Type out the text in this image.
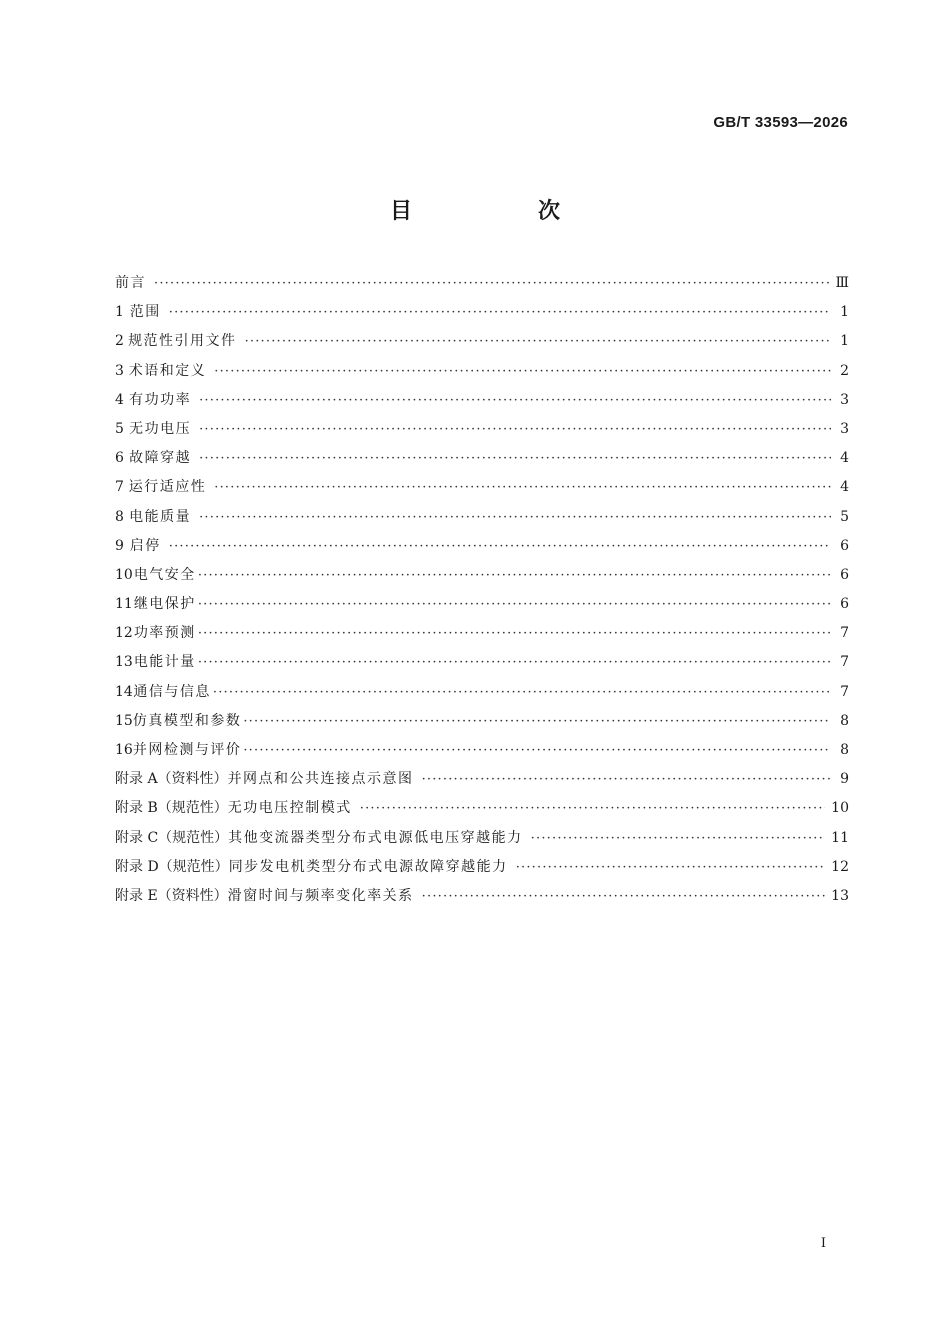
GB/T 33593—2026
目　次
前言 ·····	Ⅲ
1 范围 ·····	1
2 规范性引用文件 ·····	1
3 术语和定义 ·····	2
4 有功功率 ·····	3
5 无功电压 ·····	3
6 故障穿越 ·····	4
7 运行适应性 ·····	4
8 电能质量 ·····	5
9 启停 ·····	6
10 电气安全 ·····	6
11 继电保护 ·····	6
12 功率预测 ·····	7
13 电能计量 ·····	7
14 通信与信息 ·····	7
15 仿真模型和参数 ·····	8
16 并网检测与评价 ·····	8
附录 A（资料性） 并网点和公共连接点示意图 ·····	9
附录 B（规范性） 无功电压控制模式 ·····	10
附录 C（规范性） 其他变流器类型分布式电源低电压穿越能力 ·····	11
附录 D（规范性） 同步发电机类型分布式电源故障穿越能力 ·····	12
附录 E（资料性） 滑窗时间与频率变化率关系 ·····	13
Ⅰ
